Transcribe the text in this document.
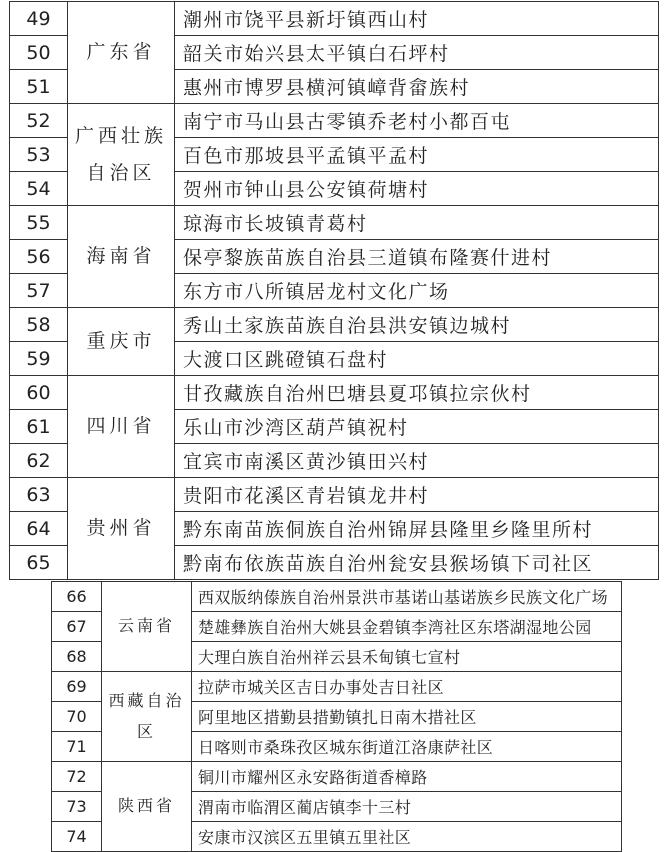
49	广东省	潮州市饶平县新圩镇西山村
50		韶关市始兴县太平镇白石坪村
51		惠州市博罗县横河镇嶂背畲族村
52	广西壮族自治区	南宁市马山县古零镇乔老村小都百屯
53		百色市那坡县平孟镇平孟村
54		贺州市钟山县公安镇荷塘村
55	海南省	琼海市长坡镇青葛村
56		保亭黎族苗族自治县三道镇布隆赛什进村
57		东方市八所镇居龙村文化广场
58	重庆市	秀山土家族苗族自治县洪安镇边城村
59		大渡口区跳磴镇石盘村
60	四川省	甘孜藏族自治州巴塘县夏邛镇拉宗伙村
61		乐山市沙湾区葫芦镇祝村
62		宜宾市南溪区黄沙镇田兴村
63	贵州省	贵阳市花溪区青岩镇龙井村
64		黔东南苗族侗族自治州锦屏县隆里乡隆里所村
65		黔南布依族苗族自治州瓮安县猴场镇下司社区
66	云南省	西双版纳傣族自治州景洪市基诺山基诺族乡民族文化广场
67		楚雄彝族自治州大姚县金碧镇李湾社区东塔湖湿地公园
68		大理白族自治州祥云县禾甸镇七宣村
69	西藏自治区	拉萨市城关区吉日办事处吉日社区
70		阿里地区措勤县措勤镇扎日南木措社区
71		日喀则市桑珠孜区城东街道江洛康萨社区
72	陕西省	铜川市耀州区永安路街道香樟路
73		渭南市临渭区蔺店镇李十三村
74		安康市汉滨区五里镇五里社区
